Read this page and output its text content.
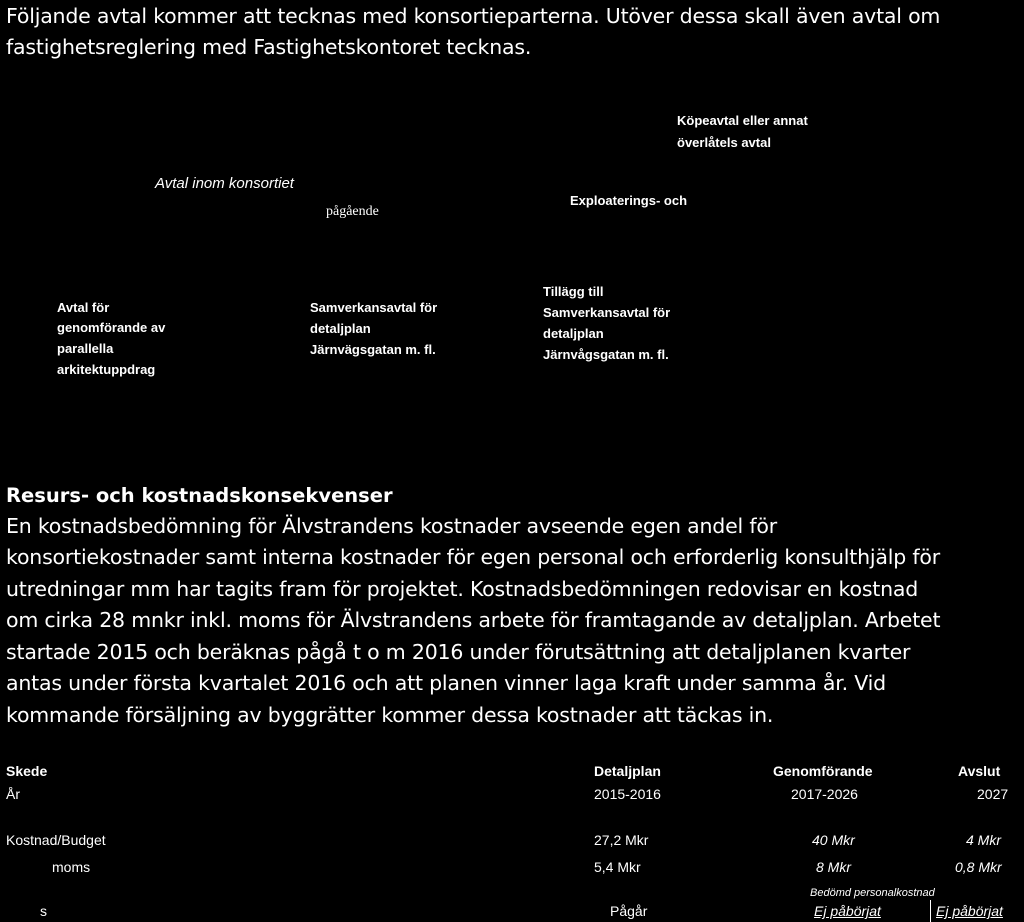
Följande avtal kommer att tecknas med konsortieparterna. Utöver dessa skall även avtal om
fastighetsreglering med Fastighetskontoret tecknas.
Köpeavtal eller annat
överlåtels avtal
Avtal inom konsortiet
Exploaterings- och
pågående
Avtal för
genomförande av
parallella
arkitektuppdrag
Samverkansavtal för
detaljplan
Järnvägsgatan m. fl.
Tillägg till
Samverkansavtal för
detaljplan
Järnvågsgatan m. fl.
Resurs- och kostnadskonsekvenser
En kostnadsbedömning för Älvstrandens kostnader avseende egen andel för
konsortiekostnader samt interna kostnader för egen personal och erforderlig konsulthjälp för
utredningar mm har tagits fram för projektet. Kostnadsbedömningen redovisar en kostnad
om cirka 28 mnkr inkl. moms för Älvstrandens arbete för framtagande av detaljplan. Arbetet
startade 2015 och beräknas pågå t o m 2016 under förutsättning att detaljplanen kvarter
antas under första kvartalet 2016 och att planen vinner laga kraft under samma år. Vid
kommande försäljning av byggrätter kommer dessa kostnader att täckas in.
Skede	Detaljplan	Genomförande	Avslut
År	2015-2016	2017-2026	2027
Kostnad/Budget	27,2 Mkr	40 Mkr	4 Mkr
moms	5,4 Mkr	8 Mkr	0,8 Mkr
Bedömd personalkostnad
s	Pågår	Ej påbörjat	Ej påbörjat
